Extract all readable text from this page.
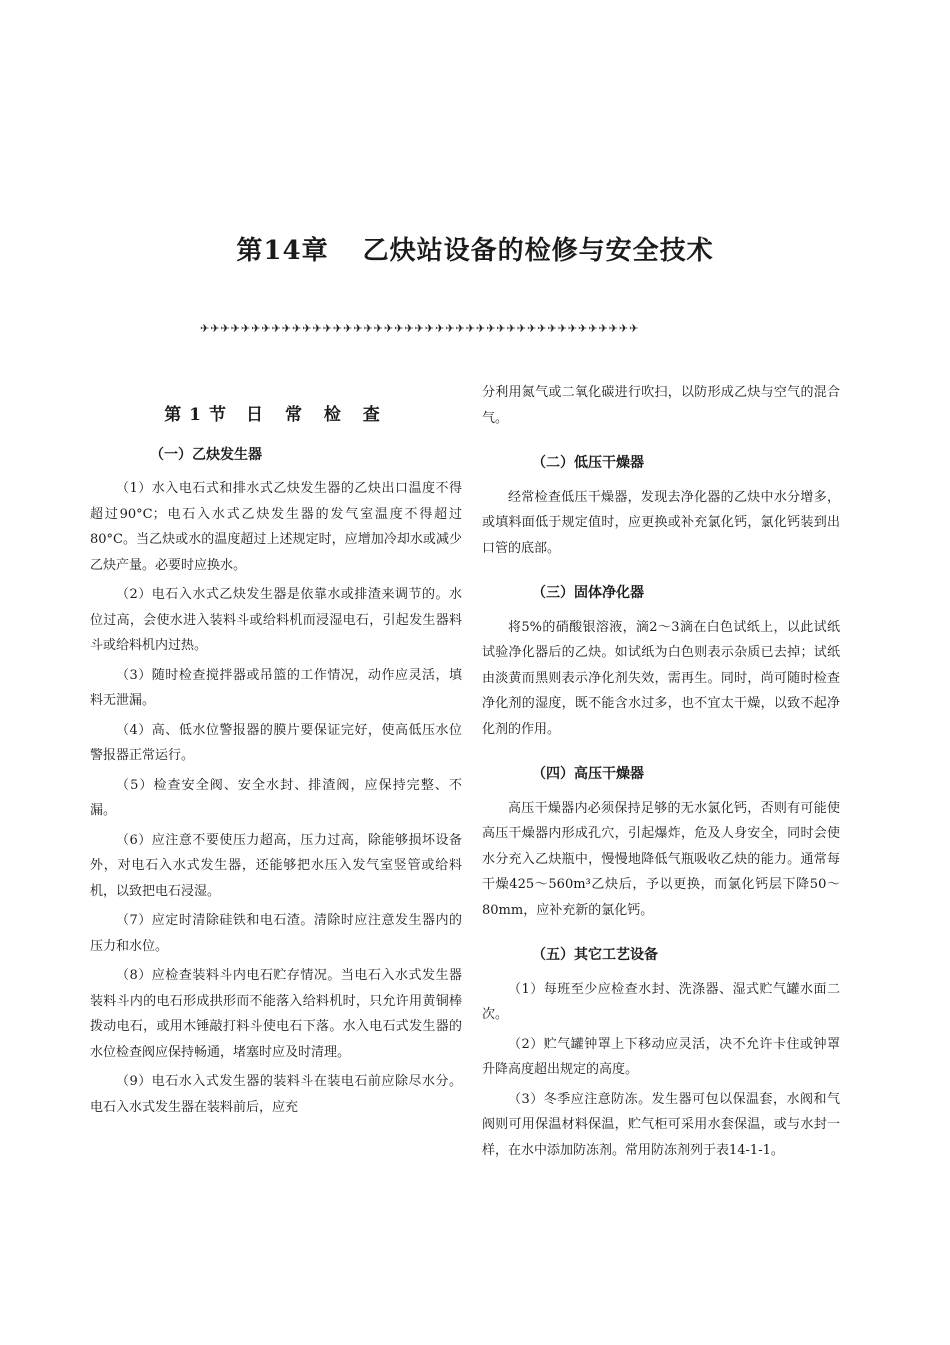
第14章 乙炔站设备的检修与安全技术
✈✈✈✈✈✈✈✈✈✈✈✈✈✈✈✈✈✈✈✈✈✈✈✈✈✈✈✈✈✈✈✈✈✈✈✈✈✈✈✈✈✈✈
第1节 日 常 检 查
（一）乙炔发生器

（1）水入电石式和排水式乙炔发生器的乙炔出口温度不得超过90°C；电石入水式乙炔发生器的发气室温度不得超过80°C。当乙炔或水的温度超过上述规定时，应增加冷却水或减少乙炔产量。必要时应换水。

（2）电石入水式乙炔发生器是依靠水或排渣来调节的。水位过高，会使水进入装料斗或给料机而浸湿电石，引起发生器料斗或给料机内过热。

（3）随时检查搅拌器或吊篮的工作情况，动作应灵活，填料无泄漏。

（4）高、低水位警报器的膜片要保证完好，使高低压水位警报器正常运行。

（5）检查安全阀、安全水封、排渣阀，应保持完整、不漏。

（6）应注意不要使压力超高，压力过高，除能够损坏设备外，对电石入水式发生器，还能够把水压入发气室竖管或给料机，以致把电石浸湿。

（7）应定时清除硅铁和电石渣。清除时应注意发生器内的压力和水位。

（8）应检查装料斗内电石贮存情况。当电石入水式发生器装料斗内的电石形成拱形而不能落入给料机时，只允许用黄铜棒拨动电石，或用木锤敲打料斗使电石下落。水入电石式发生器的水位检查阀应保持畅通，堵塞时应及时清理。

（9）电石水入式发生器的装料斗在装电石前应除尽水分。电石入水式发生器在装料前后，应充

分利用氮气或二氧化碳进行吹扫，以防形成乙炔与空气的混合气。

（二）低压干燥器

经常检查低压干燥器，发现去净化器的乙炔中水分增多，或填料面低于规定值时，应更换或补充氯化钙，氯化钙装到出口管的底部。

（三）固体净化器

将5%的硝酸银溶液，滴2～3滴在白色试纸上，以此试纸试验净化器后的乙炔。如试纸为白色则表示杂质已去掉；试纸由淡黄而黑则表示净化剂失效，需再生。同时，尚可随时检查净化剂的湿度，既不能含水过多，也不宜太干燥，以致不起净化剂的作用。

（四）高压干燥器

高压干燥器内必须保持足够的无水氯化钙，否则有可能使高压干燥器内形成孔穴，引起爆炸，危及人身安全，同时会使水分充入乙炔瓶中，慢慢地降低气瓶吸收乙炔的能力。通常每干燥425～560m³乙炔后，予以更换，而氯化钙层下降50～80mm，应补充新的氯化钙。

（五）其它工艺设备

（1）每班至少应检查水封、洗涤器、湿式贮气罐水面二次。

（2）贮气罐钟罩上下移动应灵活，决不允许卡住或钟罩升降高度超出规定的高度。

（3）冬季应注意防冻。发生器可包以保温套，水阀和气阀则可用保温材料保温，贮气柜可采用水套保温，或与水封一样，在水中添加防冻剂。常用防冻剂列于表14-1-1。
